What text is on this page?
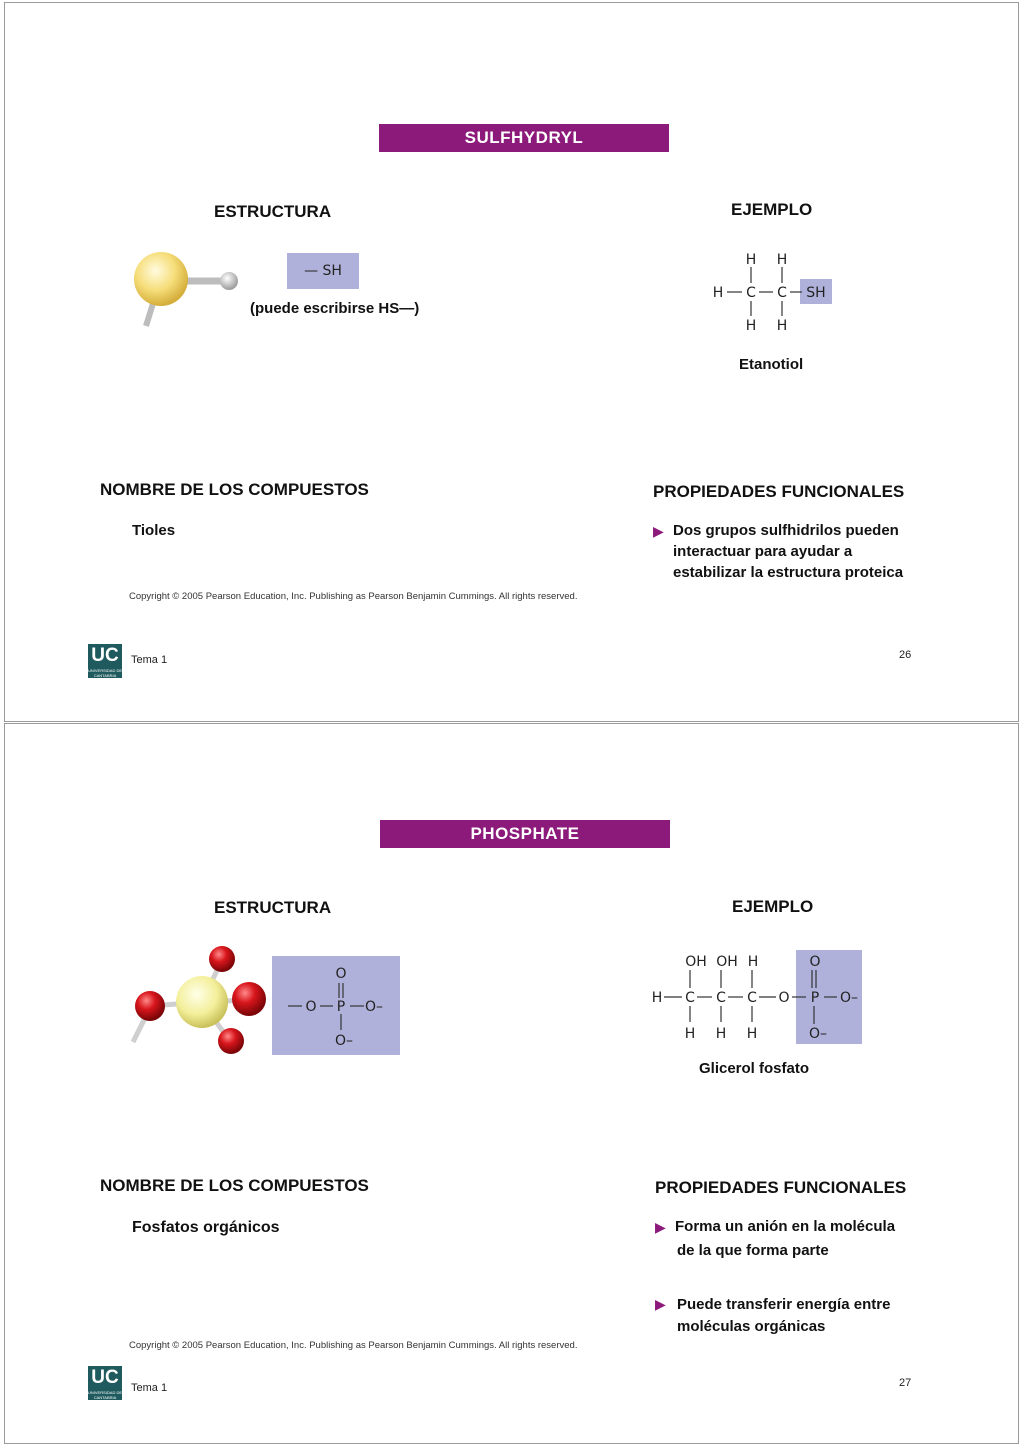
SULFHYDRYL
ESTRUCTURA	EJEMPLO
— SH
(puede escribirse HS—)
H H
H C C SH
H H
Etanotiol
NOMBRE DE LOS COMPUESTOS
Tioles
PROPIEDADES FUNCIONALES
▶ Dos grupos sulfhidrilos pueden
interactuar para ayudar a
estabilizar la estructura proteica
Copyright © 2005 Pearson Education, Inc. Publishing as Pearson Benjamin Cummings. All rights reserved.
UC
UNIVERSIDAD DE CANTABRIA
Tema 1	26
PHOSPHATE
ESTRUCTURA	EJEMPLO
O
O P O–
O–
OH OH H	O
H C C C O P O–
H H H	O–
Glicerol fosfato
NOMBRE DE LOS COMPUESTOS
Fosfatos orgánicos
PROPIEDADES FUNCIONALES
▶ Forma un anión en la molécula
de la que forma parte
▶ Puede transferir energía entre
moléculas orgánicas
Copyright © 2005 Pearson Education, Inc. Publishing as Pearson Benjamin Cummings. All rights reserved.
UC
UNIVERSIDAD DE CANTABRIA
Tema 1	27
